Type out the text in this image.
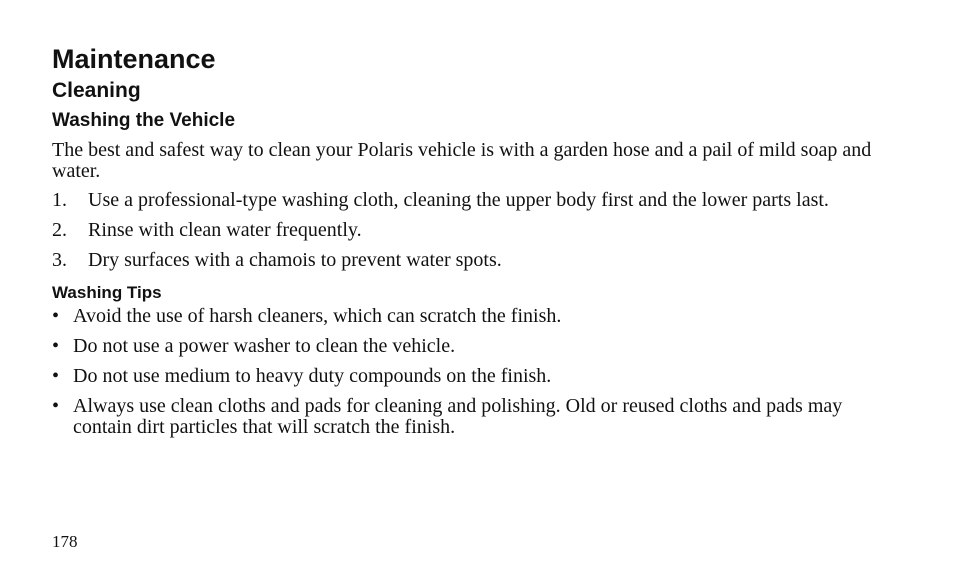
Maintenance
Cleaning
Washing the Vehicle

The best and safest way to clean your Polaris vehicle is with a garden hose and a pail of mild soap and water.

1. Use a professional-type washing cloth, cleaning the upper body first and the lower parts last.
2. Rinse with clean water frequently.
3. Dry surfaces with a chamois to prevent water spots.
Washing Tips
• Avoid the use of harsh cleaners, which can scratch the finish.
• Do not use a power washer to clean the vehicle.
• Do not use medium to heavy duty compounds on the finish.
• Always use clean cloths and pads for cleaning and polishing. Old or reused cloths and pads may contain dirt particles that will scratch the finish.
178
